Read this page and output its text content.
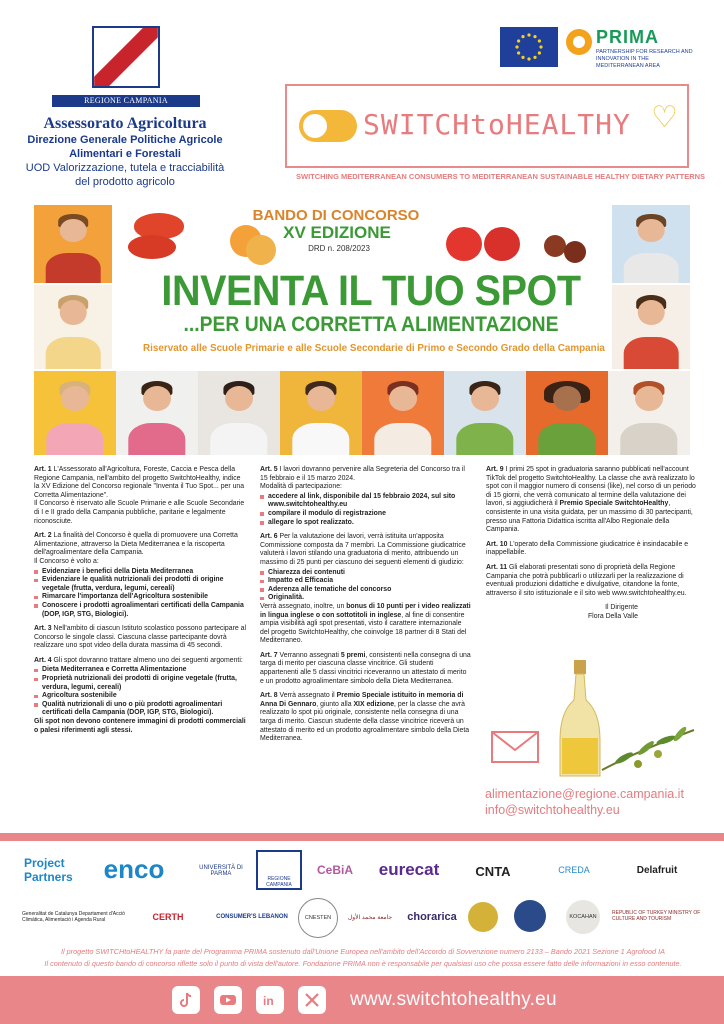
REGIONE CAMPANIA
Assessorato Agricoltura
Direzione Generale Politiche Agricole Alimentari e Forestali
UOD Valorizzazione, tutela e tracciabilità del prodotto agricolo
PRIMA
PARTNERSHIP FOR RESEARCH AND INNOVATION IN THE MEDITERRANEAN AREA
SWITCHtoHEALTHY ♡
SWITCHING MEDITERRANEAN CONSUMERS TO MEDITERRANEAN SUSTAINABLE HEALTHY DIETARY PATTERNS
BANDO DI CONCORSO
XV EDIZIONE
DRD n. 208/2023
INVENTA IL TUO SPOT
...PER UNA CORRETTA ALIMENTAZIONE
Riservato alle Scuole Primarie e alle Scuole Secondarie di Primo e Secondo Grado della Campania
Art. 1 L'Assessorato all'Agricoltura, Foreste, Caccia e Pesca della Regione Campania, nell'ambito del progetto SwitchtoHealthy, indice la XV Edizione del Concorso regionale "Inventa il Tuo Spot... per una Corretta Alimentazione".
Il Concorso è riservato alle Scuole Primarie e alle Scuole Secondarie di I e II grado della Campania pubbliche, paritarie e legalmente riconosciute.
Art. 2 La finalità del Concorso è quella di promuovere una Corretta Alimentazione, attraverso la Dieta Mediterranea e la riscoperta dell'agroalimentare della Campania.
Il Concorso è volto a:
Evidenziare i benefici della Dieta Mediterranea
Evidenziare le qualità nutrizionali dei prodotti di origine vegetale (frutta, verdura, legumi, cereali)
Rimarcare l'importanza dell'Agricoltura sostenibile
Conoscere i prodotti agroalimentari certificati della Campania (DOP, IGP, STG, Biologici).
Art. 3 Nell'ambito di ciascun Istituto scolastico possono partecipare al Concorso le singole classi. Ciascuna classe partecipante dovrà realizzare uno spot video della durata massima di 45 secondi.
Art. 4 Gli spot dovranno trattare almeno uno dei seguenti argomenti:
Dieta Mediterranea e Corretta Alimentazione
Proprietà nutrizionali dei prodotti di origine vegetale (frutta, verdura, legumi, cereali)
Agricoltura sostenibile
Qualità nutrizionali di uno o più prodotti agroalimentari certificati della Campania (DOP, IGP, STG, Biologici).
Gli spot non devono contenere immagini di prodotti commerciali o palesi riferimenti agli stessi.
Art. 5 I lavori dovranno pervenire alla Segreteria del Concorso tra il 15 febbraio e il 15 marzo 2024.
Modalità di partecipazione:
accedere al link, disponibile dal 15 febbraio 2024, sul sito www.switchtohealthy.eu
compilare il modulo di registrazione
allegare lo spot realizzato.
Art. 6 Per la valutazione dei lavori, verrà istituita un'apposita Commissione composta da 7 membri. La Commissione giudicatrice valuterà i lavori stilando una graduatoria di merito, attribuendo un massimo di 25 punti per ciascuno dei seguenti elementi di giudizio:
Chiarezza dei contenuti
Impatto ed Efficacia
Aderenza alle tematiche del concorso
Originalità.
Verrà assegnato, inoltre, un bonus di 10 punti per i video realizzati in lingua inglese o con sottotitoli in inglese, al fine di consentire ampia visibilità agli spot presentati, visto il carattere internazionale del progetto SwitchtoHealthy, che coinvolge 18 partner di 8 Stati del Mediterraneo.
Art. 7 Verranno assegnati 5 premi, consistenti nella consegna di una targa di merito per ciascuna classe vincitrice. Gli studenti appartenenti alle 5 classi vincitrici riceveranno un attestato di merito e un prodotto agroalimentare simbolo della Dieta Mediterranea.
Art. 8 Verrà assegnato il Premio Speciale istituito in memoria di Anna Di Gennaro, giunto alla XIX edizione, per la classe che avrà realizzato lo spot più originale, consistente nella consegna di una targa di merito. Ciascun studente della classe vincitrice riceverà un attestato di merito ed un prodotto agroalimentare simbolo della Dieta Mediterranea.
Art. 9 I primi 25 spot in graduatoria saranno pubblicati nell'account TikTok del progetto SwitchtoHealthy. La classe che avrà realizzato lo spot con il maggior numero di consensi (like), nel corso di un periodo di 15 giorni, che verrà comunicato al termine della valutazione dei lavori, si aggiudicherà il Premio Speciale SwitchtoHealthy, consistente in una visita guidata, per un massimo di 30 partecipanti, presso una Fattoria Didattica iscritta all'Albo Regionale della Campania.
Art. 10 L'operato della Commissione giudicatrice è insindacabile e inappellabile.
Art. 11 Gli elaborati presentati sono di proprietà della Regione Campania che potrà pubblicarli o utilizzarli per la realizzazione di eventuali produzioni didattiche e divulgative, citandone la fonte, attraverso il sito istituzionale e il sito web www.switchtohealthy.eu.
Il Dirigente
Flora Della Valle
alimentazione@regione.campania.it
info@switchtohealthy.eu
Project
Partners	enco	UNIVERSITÀ DI PARMA
REGIONE CAMPANIA
CeBiA	eurecat	CNTA	CREDA	Delafruit
Generalitat de Catalunya Departament d'Acció Climàtica, Alimentació i Agenda Rural	CERTH	CONSUMER'S LEBANON	CNESTEN	جامعة محمد الأول	chorarica	KOCAHAN
REPUBLIC OF TURKEY MINISTRY OF CULTURE AND TOURISM
Il progetto SWITCHtoHEALTHY fa parte del Programma PRIMA sostenuto dall'Unione Europea nell'ambito dell'Accordo di Sovvenzione numero 2133 – Bando 2021 Sezione 1 Agrofood IA
Il contenuto di questo bando di concorso riflette solo il punto di vista dell'autore. Fondazione PRIMA non è responsabile per qualsiasi uso che possa essere fatto delle informazioni in esso contenute.
in	www.switchtohealthy.eu
